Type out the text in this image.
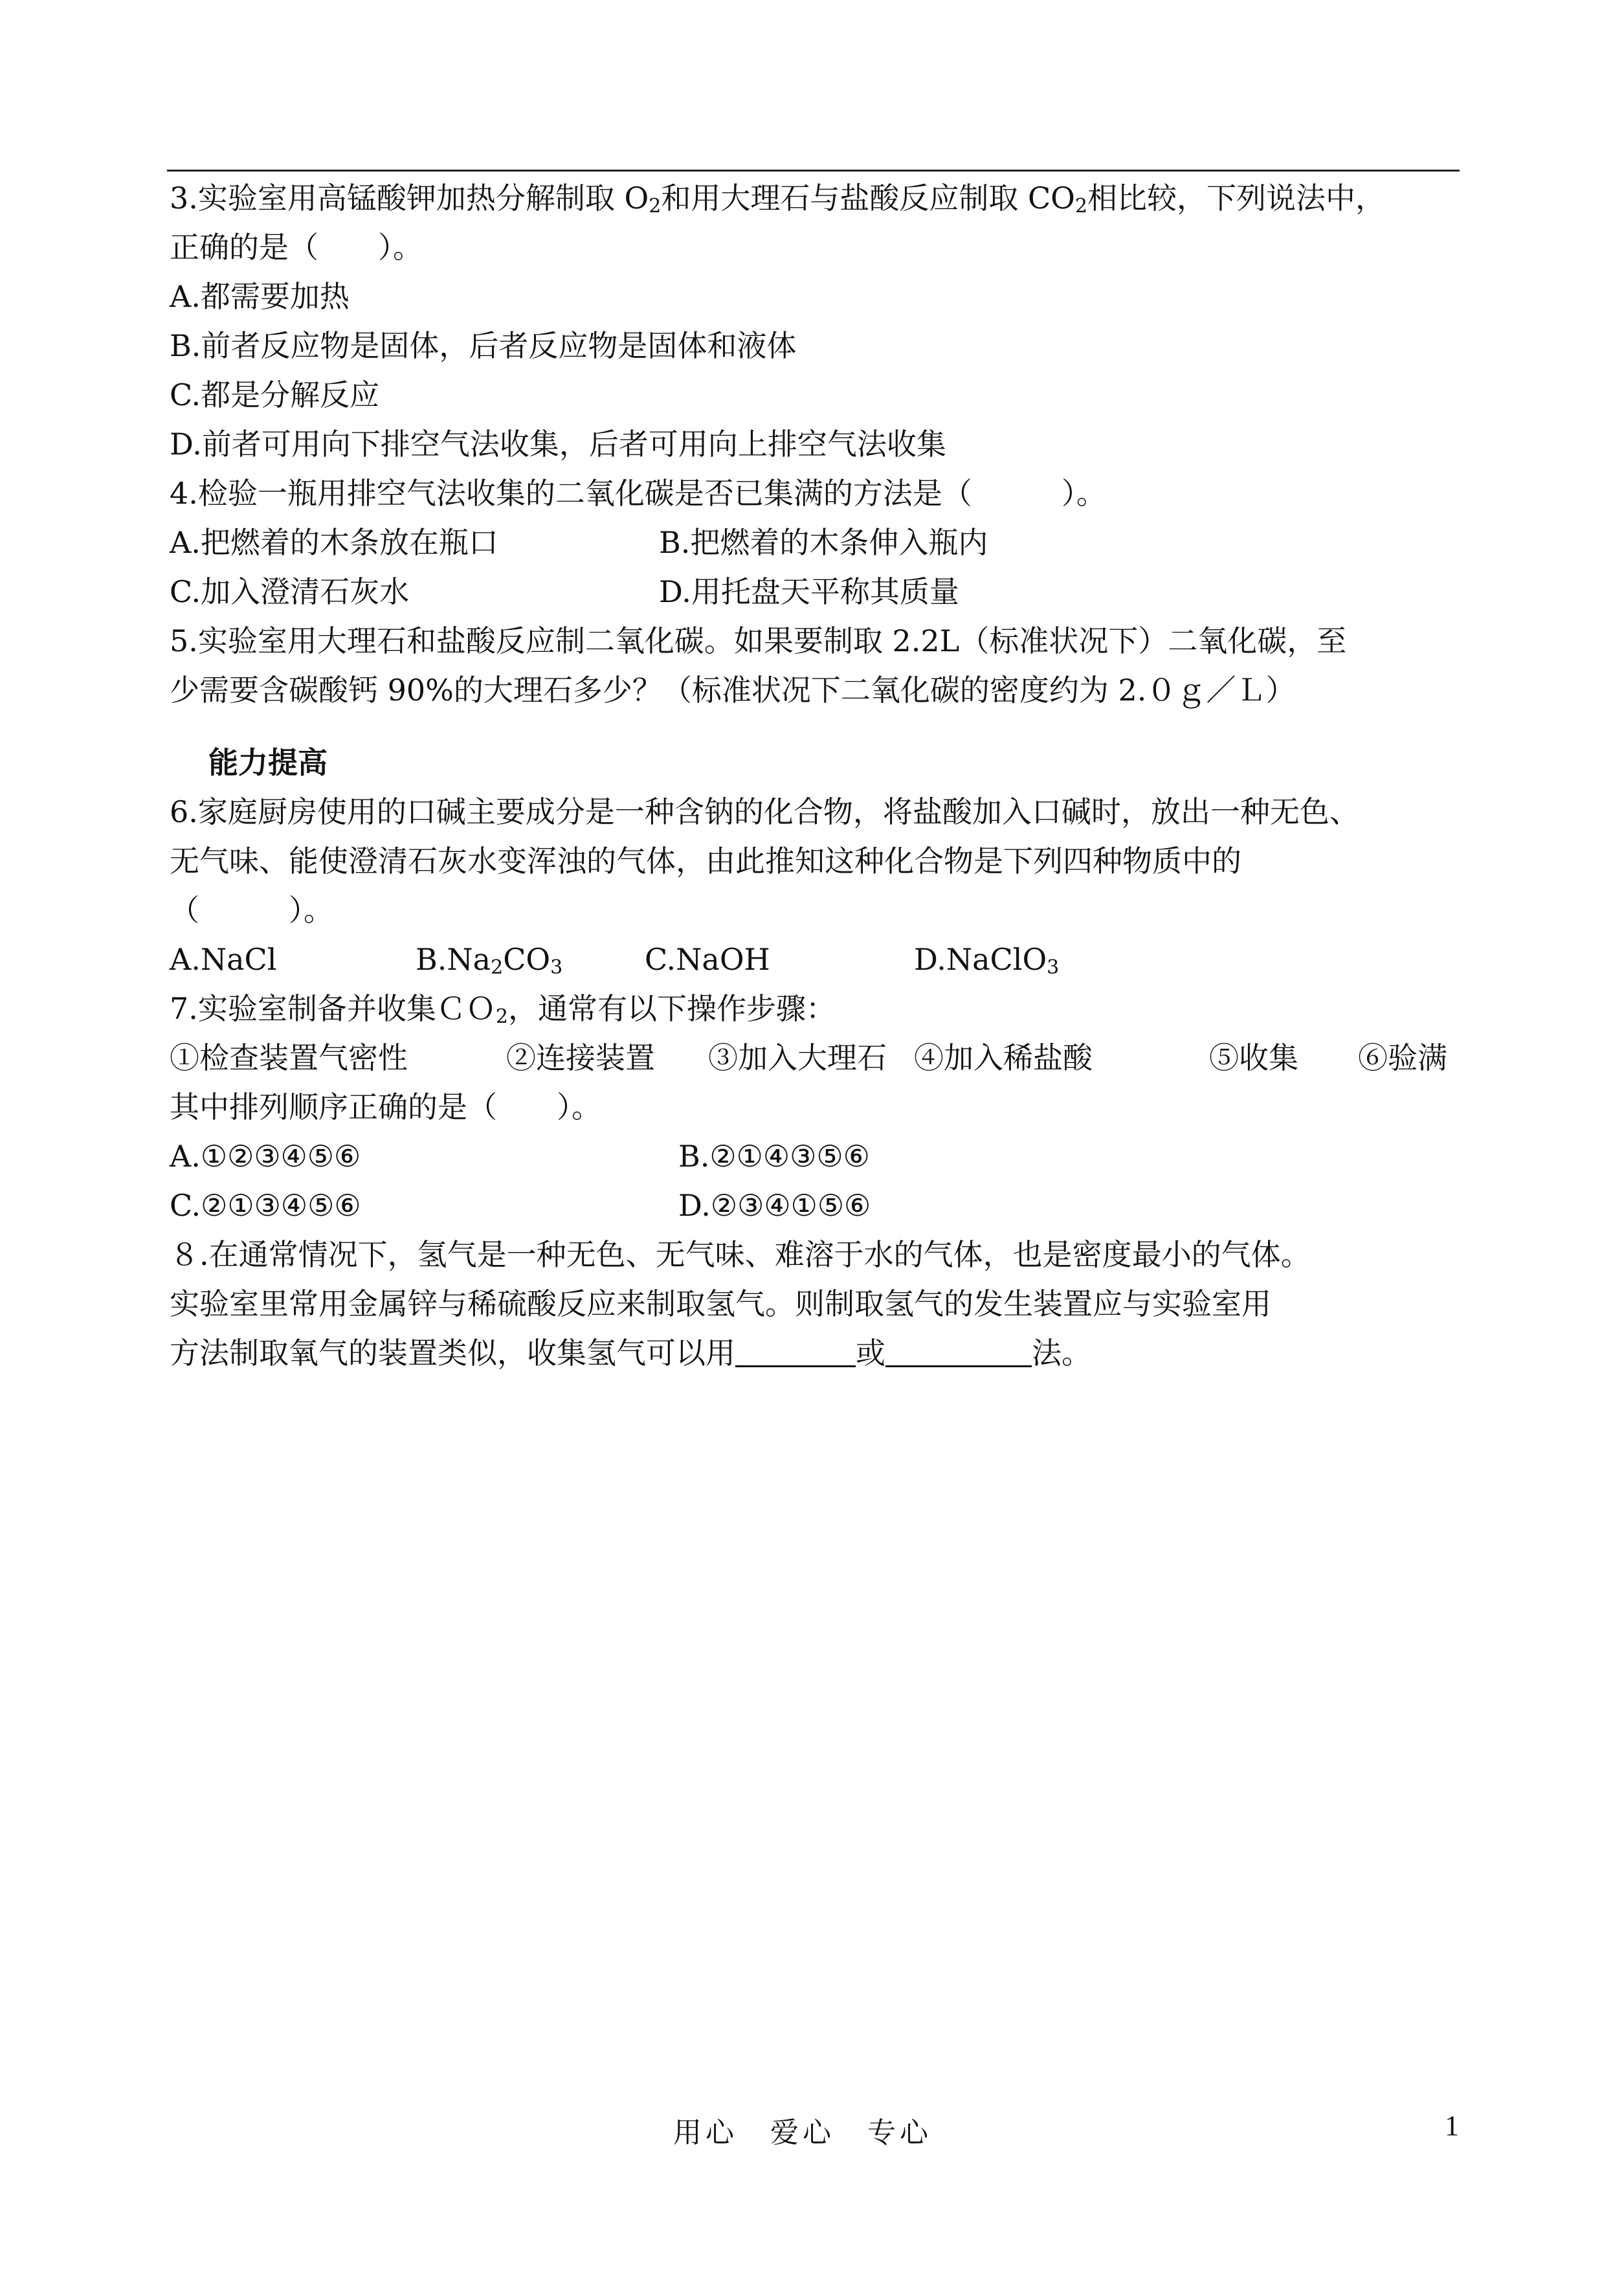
3.实验室用高锰酸钾加热分解制取 $O_2$和用大理石与盐酸反应制取 $CO_2$相比较，下列说法中，
正确的是（　　）。
A.都需要加热
B.前者反应物是固体，后者反应物是固体和液体
C.都是分解反应
D.前者可用向下排空气法收集，后者可用向上排空气法收集
4.检验一瓶用排空气法收集的二氧化碳是否已集满的方法是（　　　）。
A.把燃着的木条放在瓶口	B.把燃着的木条伸入瓶内
C.加入澄清石灰水	D.用托盘天平称其质量
5.实验室用大理石和盐酸反应制二氧化碳。如果要制取 2.2L（标准状况下）二氧化碳，至
少需要含碳酸钙 90%的大理石多少？（标准状况下二氧化碳的密度约为 2.０ｇ／Ｌ）
能力提高
6.家庭厨房使用的口碱主要成分是一种含钠的化合物，将盐酸加入口碱时，放出一种无色、
无气味、能使澄清石灰水变浑浊的气体，由此推知这种化合物是下列四种物质中的
（　　　）。
A.NaCl	$B.Na_2CO_3$	C.NaOH	D.NaClO$_3$
7.实验室制备并收集ＣＯ$_2$，通常有以下操作步骤：
①检查装置气密性	②连接装置 ③加入大理石 ④加入稀盐酸	⑤收集 ⑥验满
其中排列顺序正确的是（　　）。
A.①②③④⑤⑥	B.②①④③⑤⑥
C.②①③④⑤⑥	D.②③④①⑤⑥
８.在通常情况下，氢气是一种无色、无气味、难溶于水的气体，也是密度最小的气体。
实验室里常用金属锌与稀硫酸反应来制取氢气。则制取氢气的发生装置应与实验室用
方法制取氧气的装置类似，收集氢气可以用	或	法。
用心　爱心　专心	1
